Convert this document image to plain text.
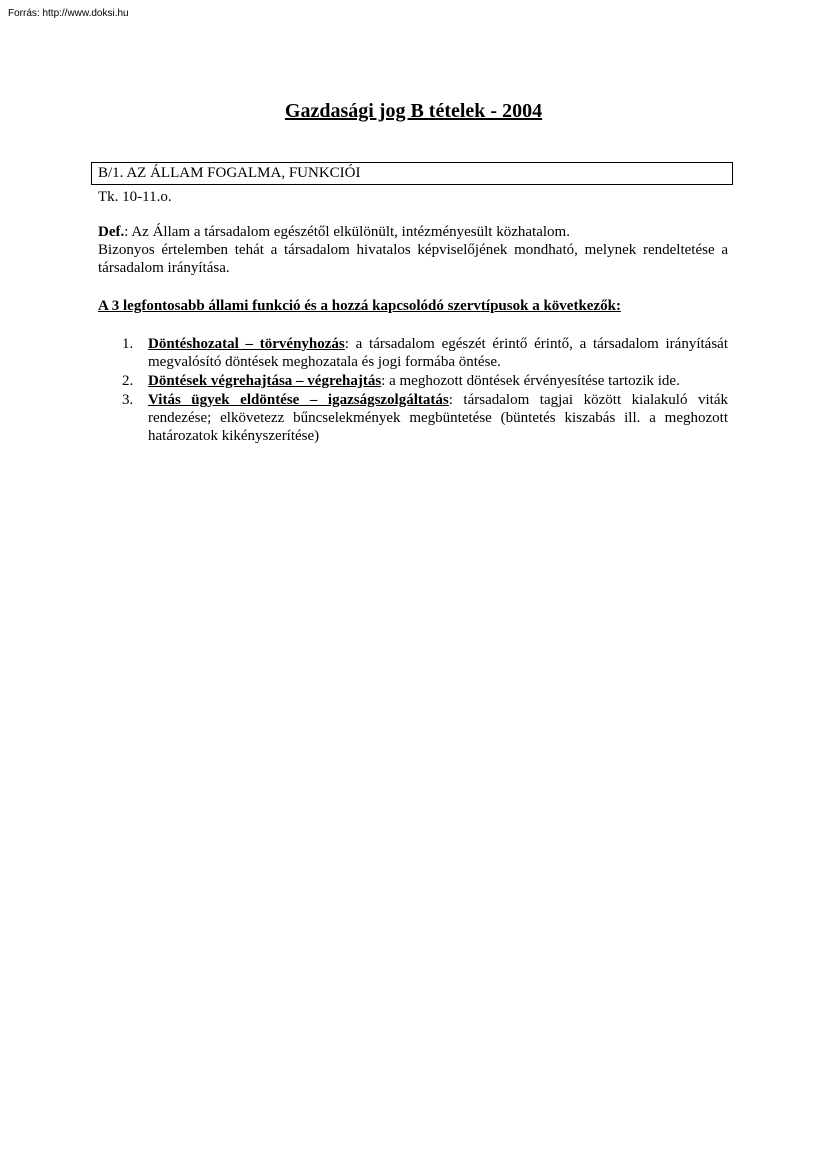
Forrás: http://www.doksi.hu
Gazdasági jog B tételek - 2004
B/1. AZ ÁLLAM FOGALMA, FUNKCIÓI

Tk. 10-11.o.

Def.: Az Állam a társadalom egészétől elkülönült, intézményesült közhatalom.

Bizonyos értelemben tehát a társadalom hivatalos képviselőjének mondható, melynek rendeltetése a társadalom irányítása.

A 3 legfontosabb állami funkció és a hozzá kapcsolódó szervtípusok a következők:

1. Döntéshozatal – törvényhozás: a társadalom egészét érintő érintő, a társadalom irányítását megvalósító döntések meghozatala és jogi formába öntése.
2. Döntések végrehajtása – végrehajtás: a meghozott döntések érvényesítése tartozik ide.
3. Vitás ügyek eldöntése – igazságszolgáltatás: társadalom tagjai között kialakuló viták rendezése; elkövetezz bűncselekmények megbüntetése (büntetés kiszabás ill. a meghozott határozatok kikényszerítése)
